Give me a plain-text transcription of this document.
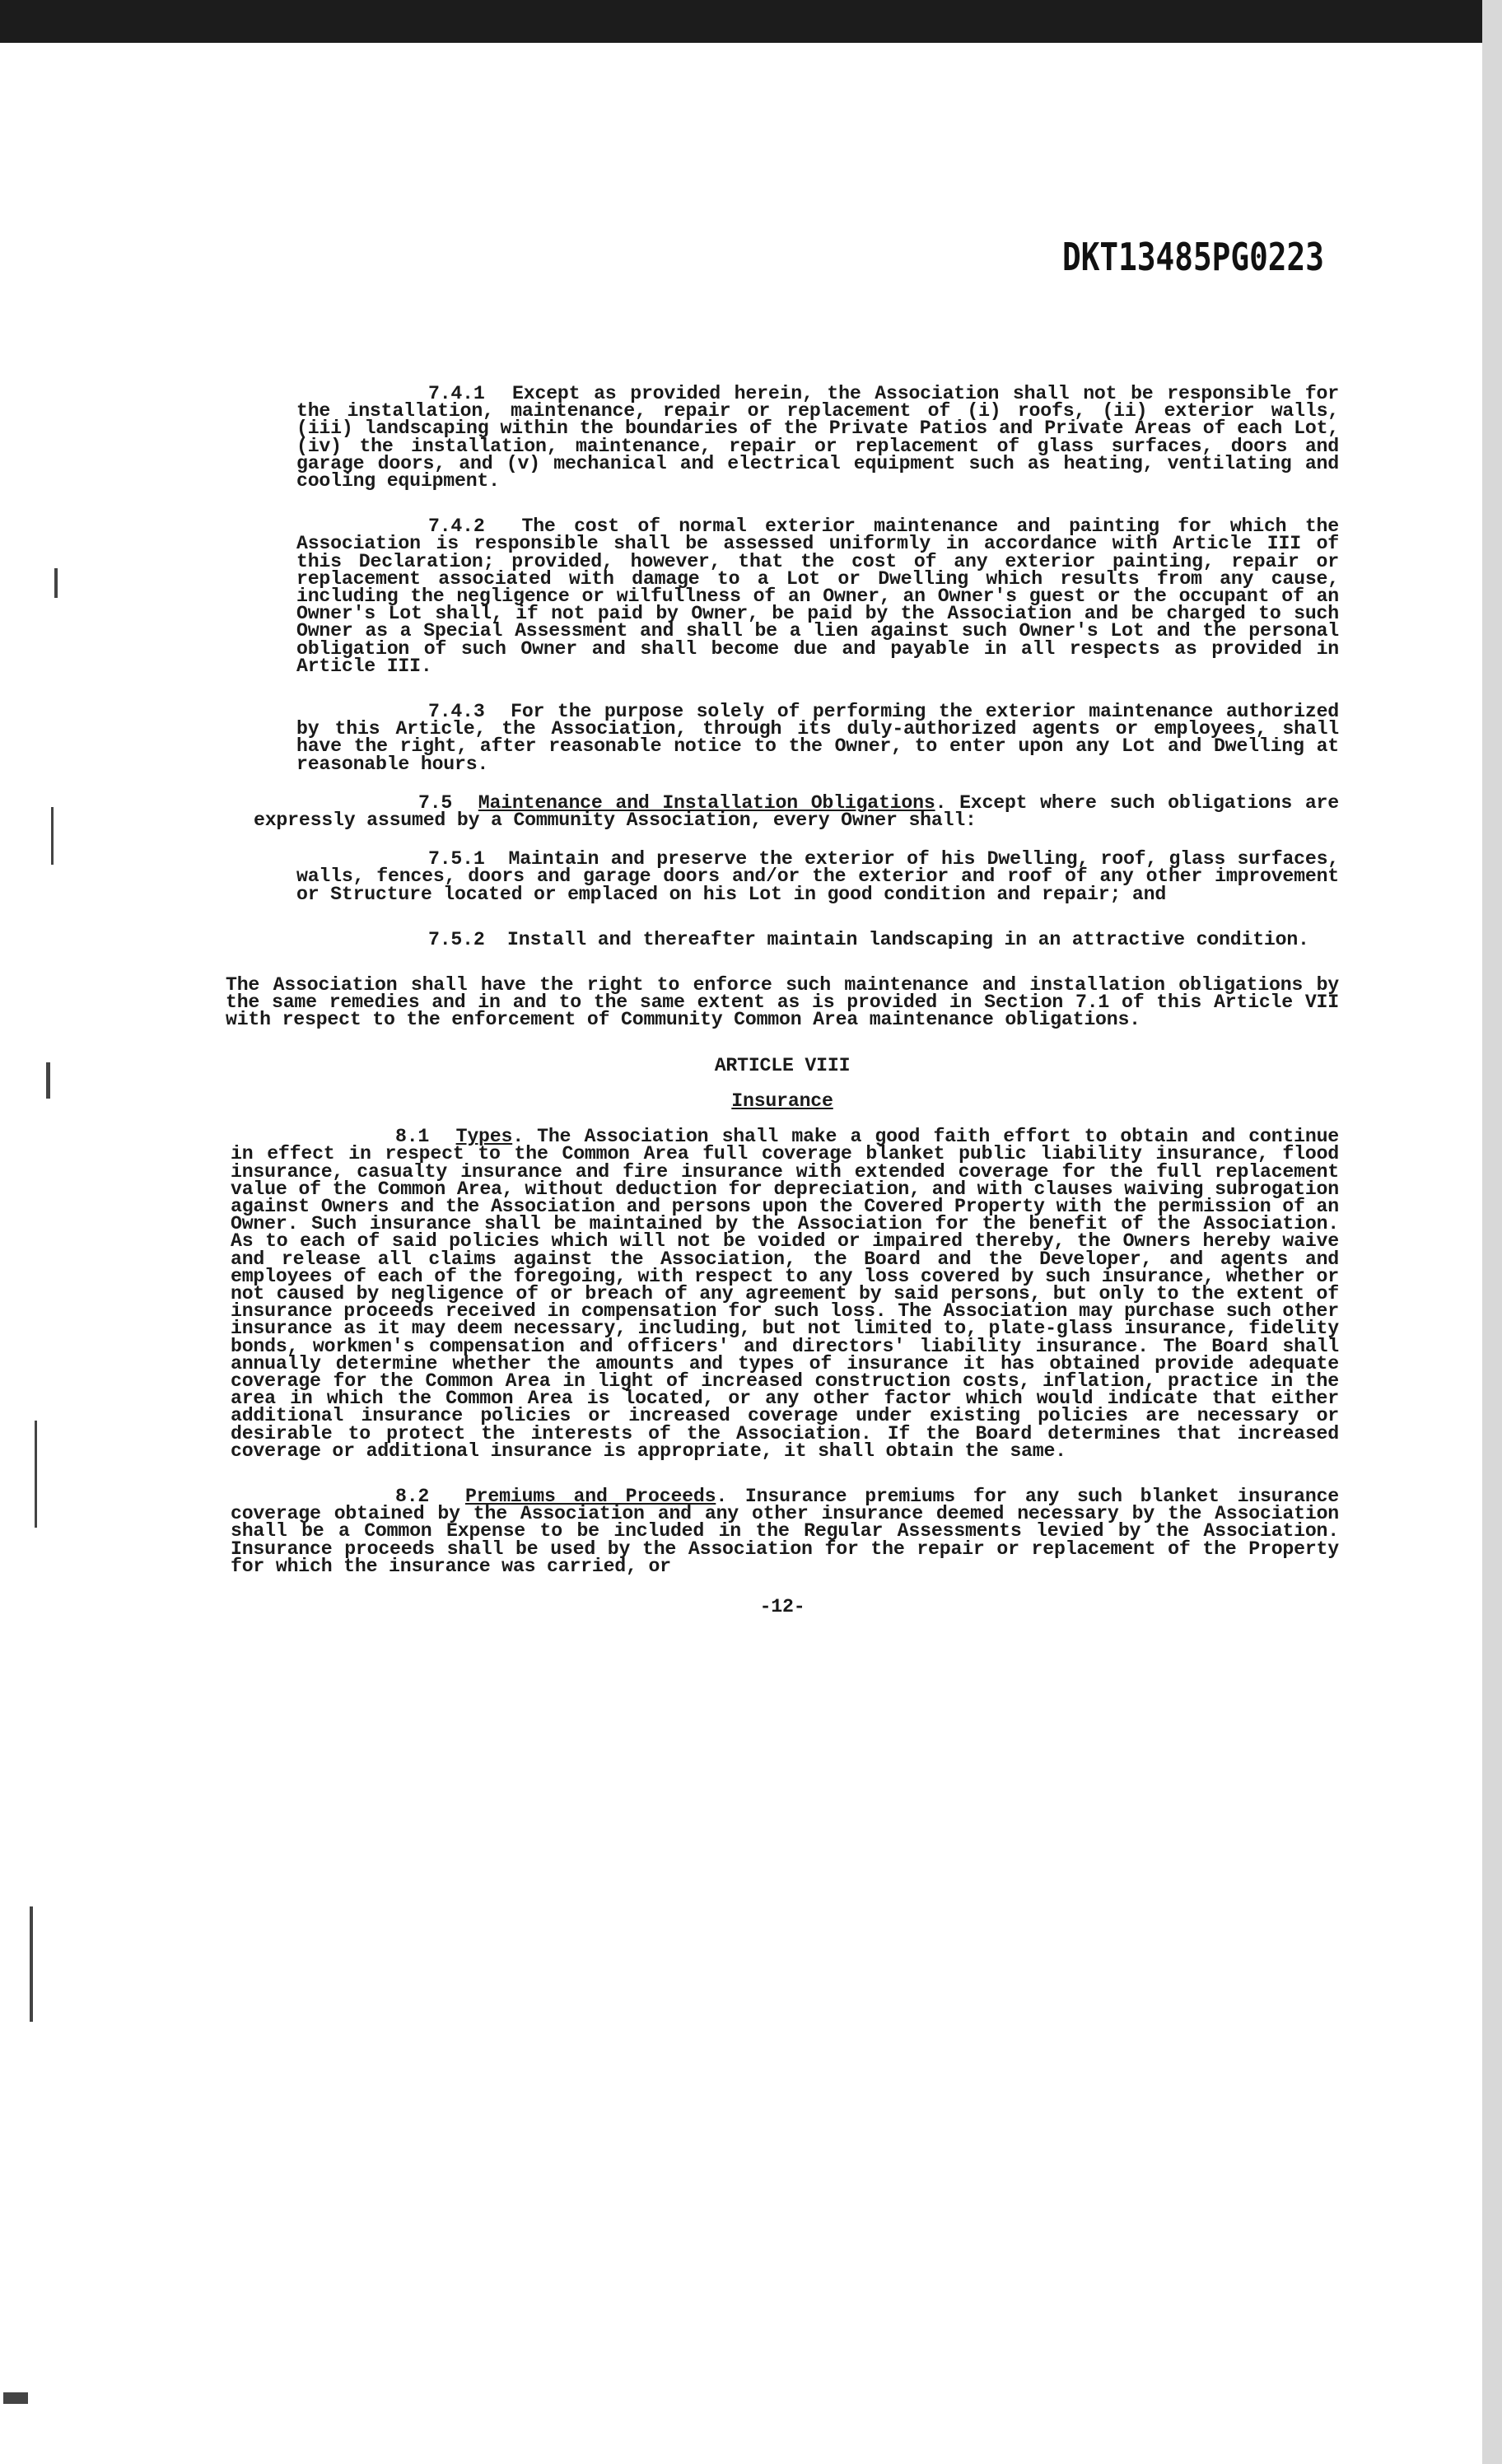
DKT13485PG0223

7.4.1 Except as provided herein, the Association shall not be responsible for the installation, maintenance, repair or replacement of (i) roofs, (ii) exterior walls, (iii) landscaping within the boundaries of the Private Patios and Private Areas of each Lot, (iv) the installation, maintenance, repair or replacement of glass surfaces, doors and garage doors, and (v) mechanical and electrical equipment such as heating, ventilating and cooling equipment.

7.4.2 The cost of normal exterior maintenance and painting for which the Association is responsible shall be assessed uniformly in accordance with Article III of this Declaration; provided, however, that the cost of any exterior painting, repair or replacement associated with damage to a Lot or Dwelling which results from any cause, including the negligence or wilfullness of an Owner, an Owner's guest or the occupant of an Owner's Lot shall, if not paid by Owner, be paid by the Association and be charged to such Owner as a Special Assessment and shall be a lien against such Owner's Lot and the personal obligation of such Owner and shall become due and payable in all respects as provided in Article III.

7.4.3 For the purpose solely of performing the exterior maintenance authorized by this Article, the Association, through its duly-authorized agents or employees, shall have the right, after reasonable notice to the Owner, to enter upon any Lot and Dwelling at reasonable hours.

7.5 Maintenance and Installation Obligations. Except where such obligations are expressly assumed by a Community Association, every Owner shall:

7.5.1 Maintain and preserve the exterior of his Dwelling, roof, glass surfaces, walls, fences, doors and garage doors and/or the exterior and roof of any other improvement or Structure located or emplaced on his Lot in good condition and repair; and

7.5.2 Install and thereafter maintain landscaping in an attractive condition.

The Association shall have the right to enforce such maintenance and installation obligations by the same remedies and in and to the same extent as is provided in Section 7.1 of this Article VII with respect to the enforcement of Community Common Area maintenance obligations.

ARTICLE VIII

Insurance

8.1 Types. The Association shall make a good faith effort to obtain and continue in effect in respect to the Common Area full coverage blanket public liability insurance, flood insurance, casualty insurance and fire insurance with extended coverage for the full replacement value of the Common Area, without deduction for depreciation, and with clauses waiving subrogation against Owners and the Association and persons upon the Covered Property with the permission of an Owner. Such insurance shall be maintained by the Association for the benefit of the Association. As to each of said policies which will not be voided or impaired thereby, the Owners hereby waive and release all claims against the Association, the Board and the Developer, and agents and employees of each of the foregoing, with respect to any loss covered by such insurance, whether or not caused by negligence of or breach of any agreement by said persons, but only to the extent of insurance proceeds received in compensation for such loss. The Association may purchase such other insurance as it may deem necessary, including, but not limited to, plate-glass insurance, fidelity bonds, workmen's compensation and officers' and directors' liability insurance. The Board shall annually determine whether the amounts and types of insurance it has obtained provide adequate coverage for the Common Area in light of increased construction costs, inflation, practice in the area in which the Common Area is located, or any other factor which would indicate that either additional insurance policies or increased coverage under existing policies are necessary or desirable to protect the interests of the Association. If the Board determines that increased coverage or additional insurance is appropriate, it shall obtain the same.

8.2 Premiums and Proceeds. Insurance premiums for any such blanket insurance coverage obtained by the Association and any other insurance deemed necessary by the Association shall be a Common Expense to be included in the Regular Assessments levied by the Association. Insurance proceeds shall be used by the Association for the repair or replacement of the Property for which the insurance was carried, or

-12-
